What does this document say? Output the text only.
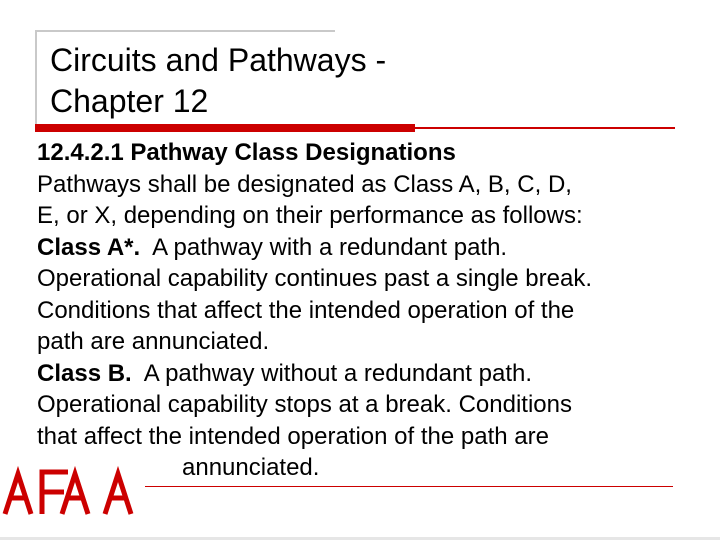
Circuits and Pathways -
Chapter 12
12.4.2.1 Pathway Class Designations
Pathways shall be designated as Class A, B, C, D,
E, or X, depending on their performance as follows:
Class A*.  A pathway with a redundant path.
Operational capability continues past a single break.
Conditions that affect the intended operation of the
path are annunciated.
Class B.  A pathway without a redundant path.
Operational capability stops at a break. Conditions
that affect the intended operation of the path are
annunciated.
